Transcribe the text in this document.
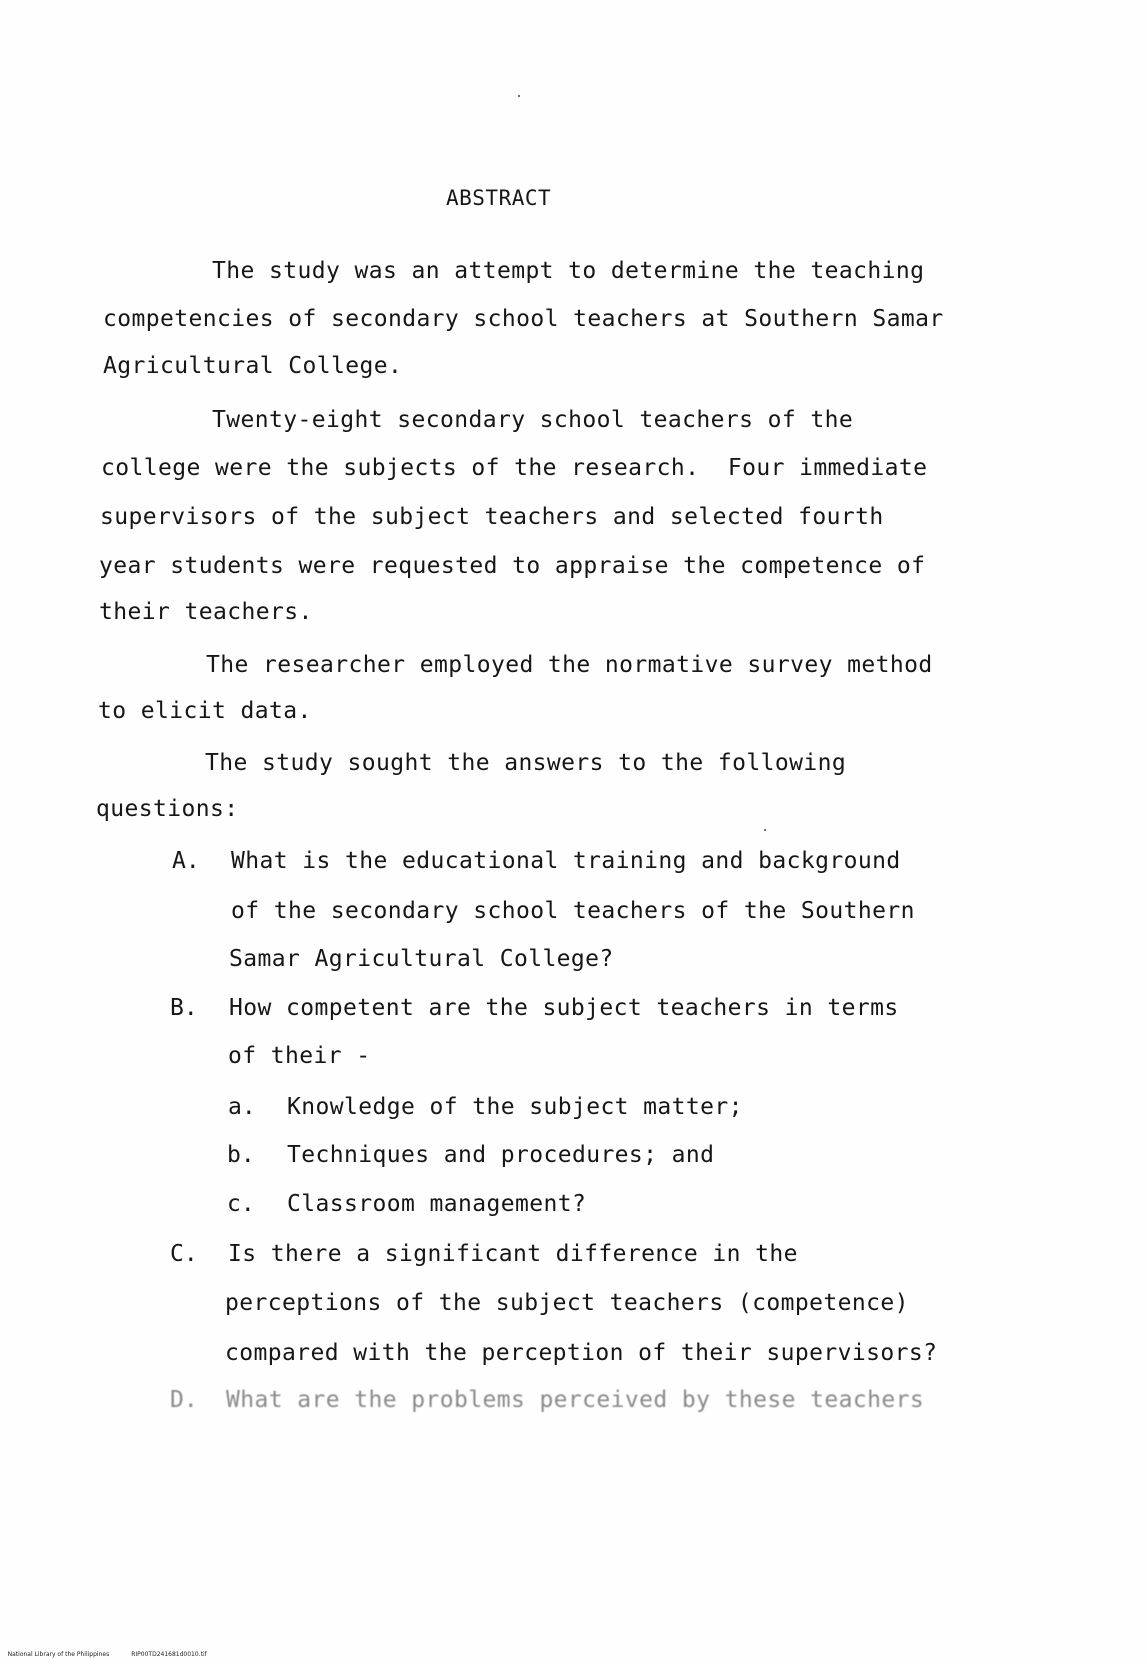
ABSTRACT
The study was an attempt to determine the teaching
competencies of secondary school teachers at Southern Samar
Agricultural College.
Twenty-eight secondary school teachers of the
college were the subjects of the research.  Four immediate
supervisors of the subject teachers and selected fourth
year students were requested to appraise the competence of
their teachers.
The researcher employed the normative survey method
to elicit data.
The study sought the answers to the following
questions:
A. What is the educational training and background
of the secondary school teachers of the Southern
Samar Agricultural College?
B. How competent are the subject teachers in terms
of their -
a. Knowledge of the subject matter;
b. Techniques and procedures; and
c. Classroom management?
C. Is there a significant difference in the
perceptions of the subject teachers (competence)
compared with the perception of their supervisors?
D. What are the problems perceived by these teachers

National Library of the Philippines	RIP00TD241681d0010.tif
